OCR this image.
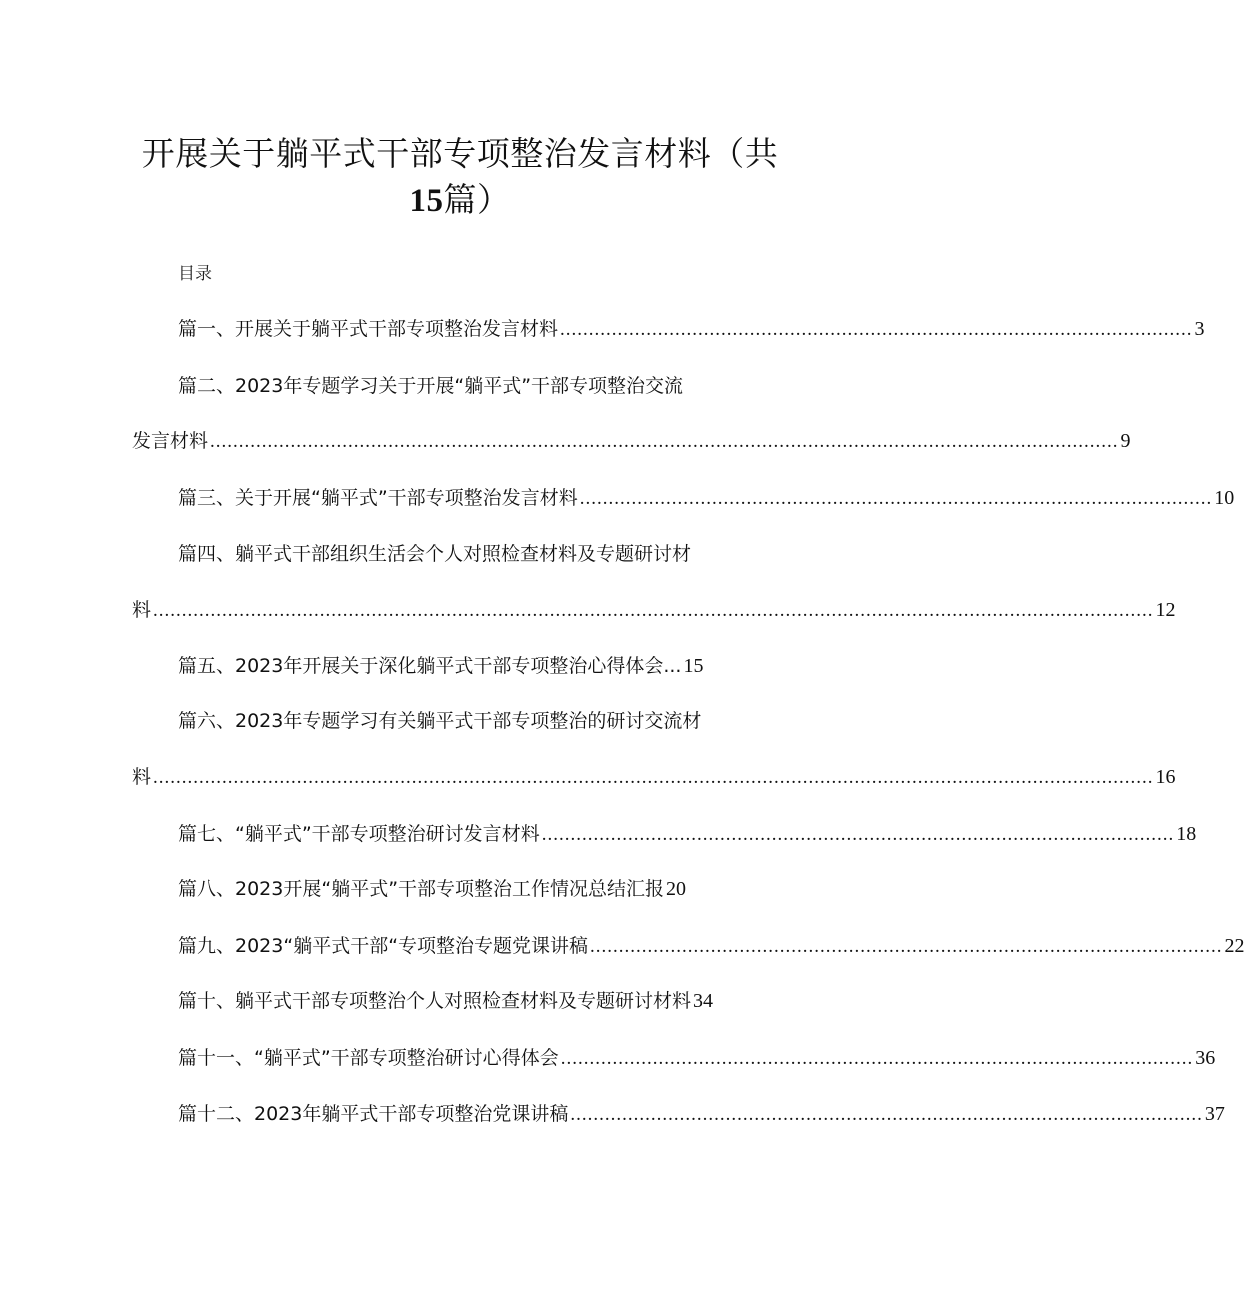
开展关于躺平式干部专项整治发言材料（共
15篇）
目录
篇一、开展关于躺平式干部专项整治发言材料 .............................................................................................................. 3
篇二、2023年专题学习关于开展“躺平式”干部专项整治交流
发言材料 .............................................................................................................................................................. 9
篇三、关于开展“躺平式”干部专项整治发言材料 .............................................................................................................. 10
篇四、躺平式干部组织生活会个人对照检查材料及专题研讨材
料 .............................................................................................................................................................................. 12
篇五、2023年开展关于深化躺平式干部专项整治心得体会... 15
篇六、2023年专题学习有关躺平式干部专项整治的研讨交流材
料 .............................................................................................................................................................................. 16
篇七、“躺平式”干部专项整治研讨发言材料 .............................................................................................................. 18
篇八、2023开展“躺平式”干部专项整治工作情况总结汇报 20
篇九、2023“躺平式干部“专项整治专题党课讲稿 .............................................................................................................. 22
篇十、躺平式干部专项整治个人对照检查材料及专题研讨材料 34
篇十一、“躺平式”干部专项整治研讨心得体会 .............................................................................................................. 36
篇十二、2023年躺平式干部专项整治党课讲稿 .............................................................................................................. 37
